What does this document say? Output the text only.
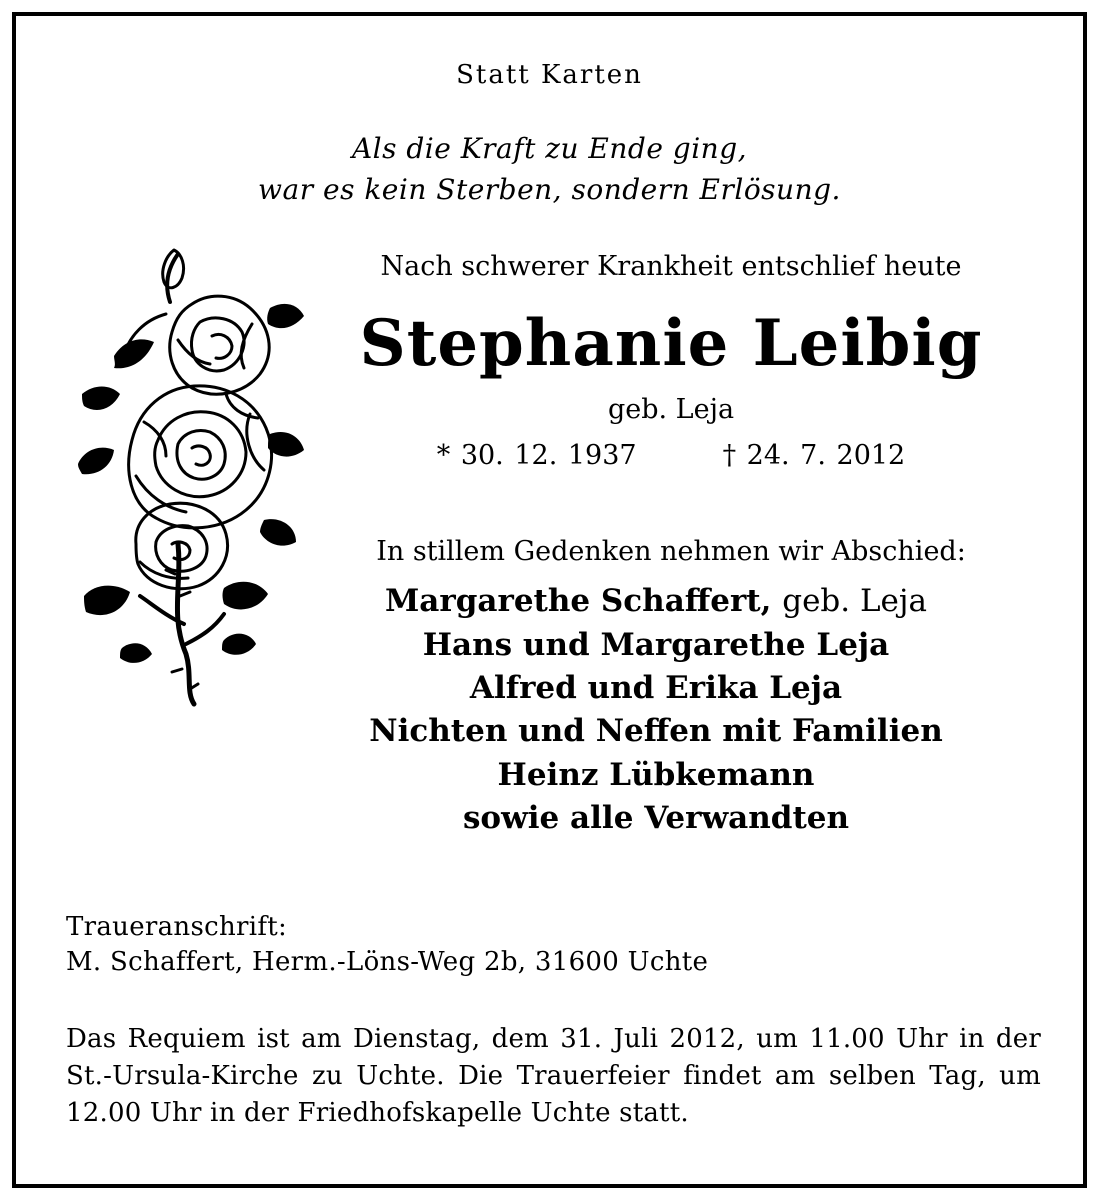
Statt Karten
Als die Kraft zu Ende ging,
war es kein Sterben, sondern Erlösung.
Nach schwerer Krankheit entschlief heute
Stephanie Leibig
geb. Leja
* 30. 12. 1937	† 24. 7. 2012
In stillem Gedenken nehmen wir Abschied:
Margarethe Schaffert, geb. Leja
Hans und Margarethe Leja
Alfred und Erika Leja
Nichten und Neffen mit Familien
Heinz Lübkemann
sowie alle Verwandten
Traueranschrift:
M. Schaffert, Herm.-Löns-Weg 2b, 31600 Uchte
Das Requiem ist am Dienstag, dem 31. Juli 2012, um 11.00 Uhr in der St.-Ursula-Kirche zu Uchte. Die Trauerfeier findet am selben Tag, um 12.00 Uhr in der Friedhofskapelle Uchte statt.
